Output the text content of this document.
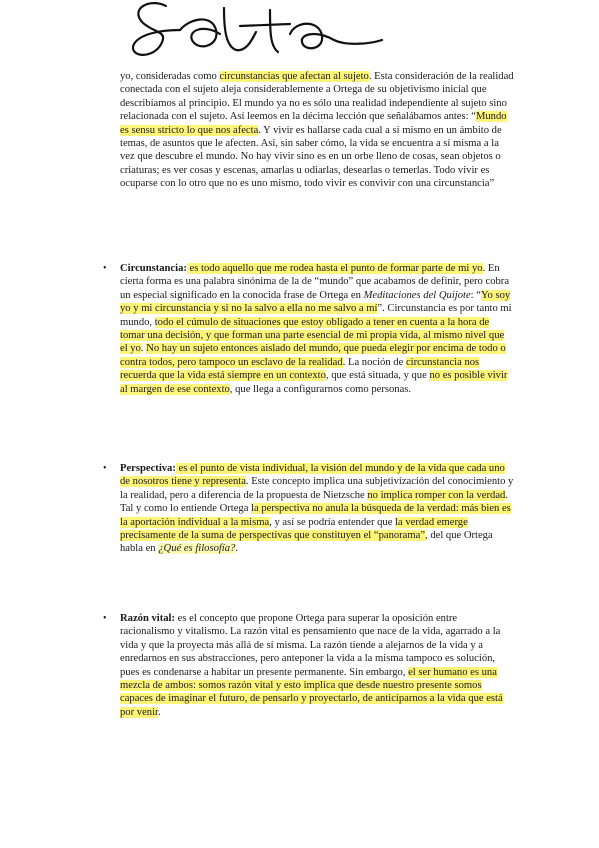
yo, consideradas como circunstancias que afectan al sujeto. Esta consideración de la realidad conectada con el sujeto aleja considerablemente a Ortega de su objetivismo inicial que describíamos al principio. El mundo ya no es sólo una realidad independiente al sujeto sino relacionada con el sujeto. Así leemos en la décima lección que señalábamos antes: “Mundo es sensu stricto lo que nos afecta. Y vivir es hallarse cada cual a sí mismo en un ámbito de temas, de asuntos que le afecten. Así, sin saber cómo, la vida se encuentra a sí misma a la vez que descubre el mundo. No hay vivir sino es en un orbe lleno de cosas, sean objetos o criaturas; es ver cosas y escenas, amarlas u odiarlas, desearlas o temerlas. Todo vivir es ocuparse con lo otro que no es uno mismo, todo vivir es convivir con una circunstancia”
• Circunstancia: es todo aquello que me rodea hasta el punto de formar parte de mi yo. En cierta forma es una palabra sinónima de la de “mundo” que acabamos de definir, pero cobra un especial significado en la conocida frase de Ortega en Meditaciones del Quijote: “Yo soy yo y mi circunstancia y si no la salvo a ella no me salvo a mí”. Circunstancia es por tanto mi mundo, todo el cúmulo de situaciones que estoy obligado a tener en cuenta a la hora de tomar una decisión, y que forman una parte esencial de mi propia vida, al mismo nivel que el yo. No hay un sujeto entonces aislado del mundo, que pueda elegir por encima de todo o contra todos, pero tampoco un esclavo de la realidad. La noción de circunstancia nos recuerda que la vida está siempre en un contexto, que está situada, y que no es posible vivir al margen de ese contexto, que llega a configurarnos como personas.
• Perspectiva: es el punto de vista individual, la visión del mundo y de la vida que cada uno de nosotros tiene y representa. Este concepto implica una subjetivización del conocimiento y la realidad, pero a diferencia de la propuesta de Nietzsche no implica romper con la verdad. Tal y como lo entiende Ortega la perspectiva no anula la búsqueda de la verdad: más bien es la aportación individual a la misma, y así se podría entender que la verdad emerge precisamente de la suma de perspectivas que constituyen el “panorama”, del que Ortega habla en ¿Qué es filosofía?.
• Razón vital: es el concepto que propone Ortega para superar la oposición entre racionalismo y vitalismo. La razón vital es pensamiento que nace de la vida, agarrado a la vida y que la proyecta más allá de sí misma. La razón tiende a alejarnos de la vida y a enredarnos en sus abstracciones, pero anteponer la vida a la misma tampoco es solución, pues es condenarse a habitar un presente permanente. Sin embargo, el ser humano es una mezcla de ambos: somos razón vital y esto implica que desde nuestro presente somos capaces de imaginar el futuro, de pensarlo y proyectarlo, de anticiparnos a la vida que está por venir.
